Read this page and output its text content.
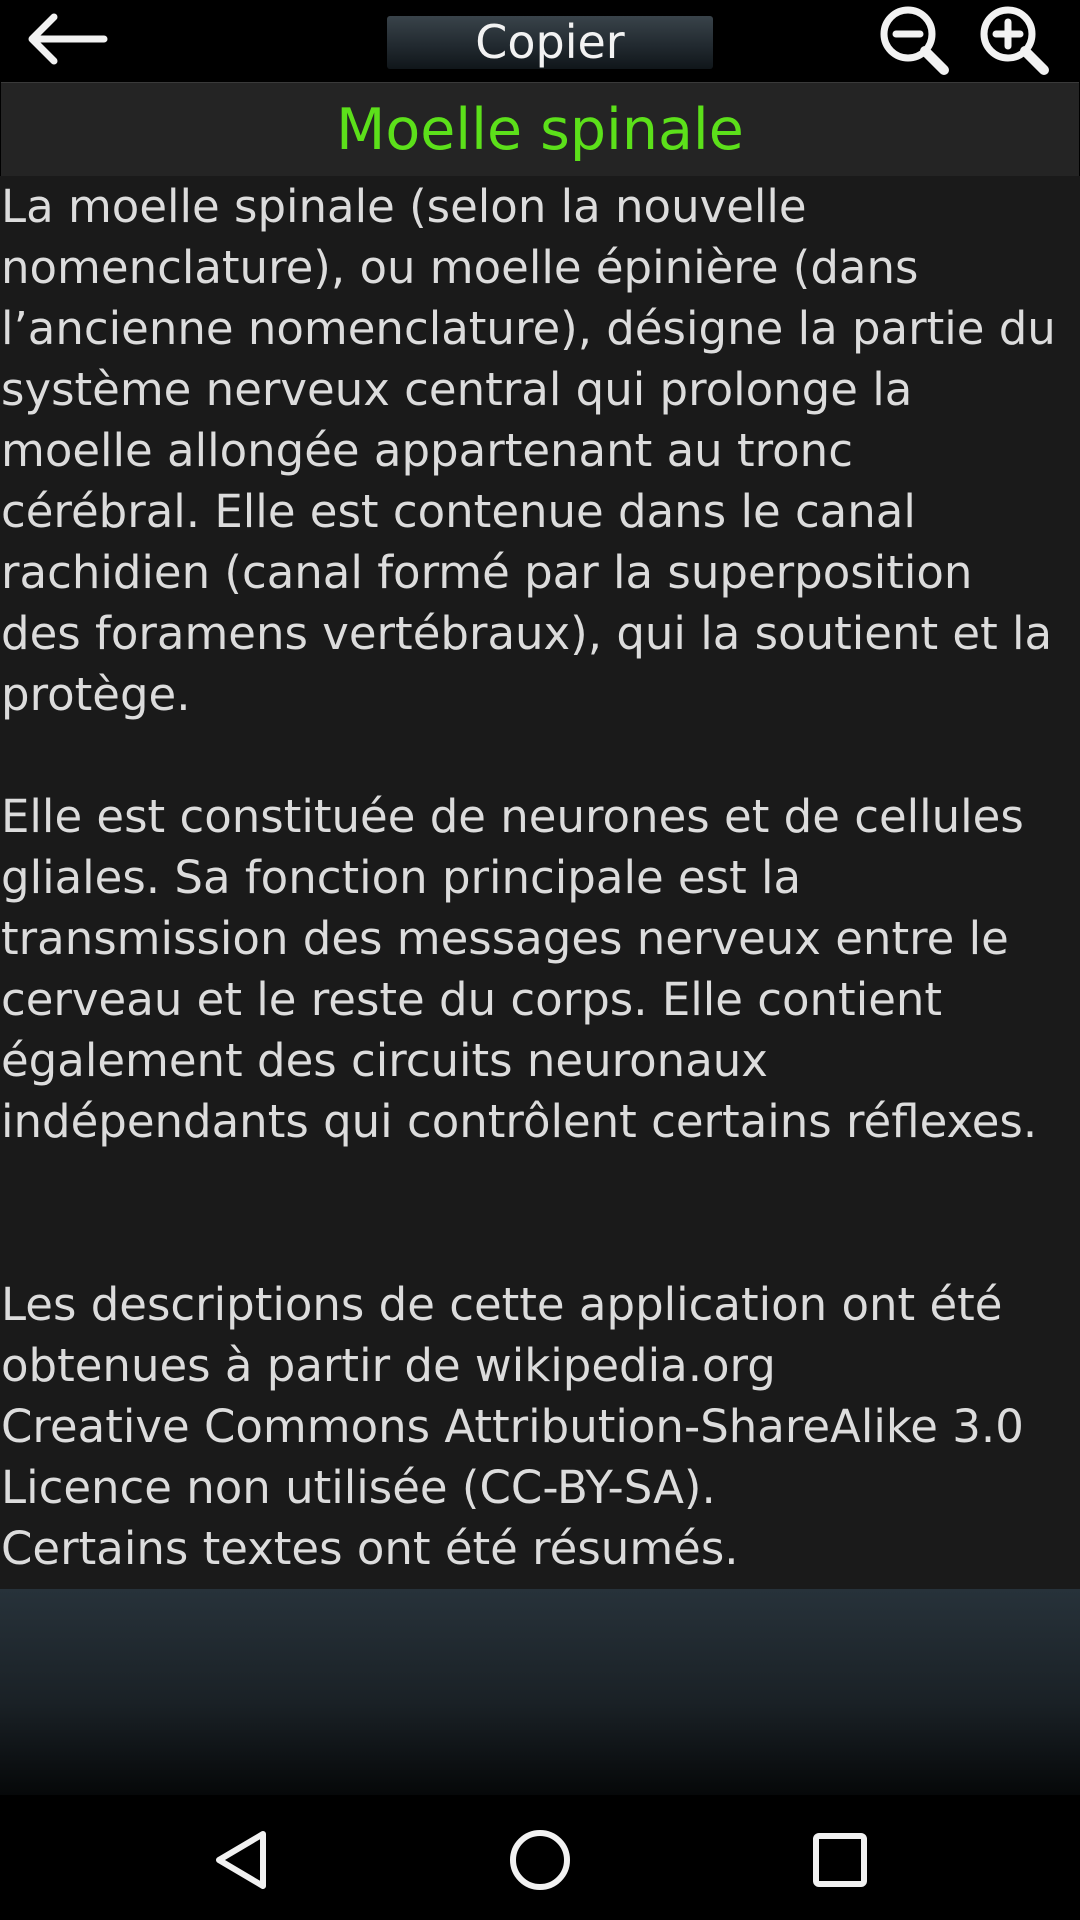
Copier
Moelle spinale

La moelle spinale (selon la nouvelle
nomenclature), ou moelle épinière (dans
l’ancienne nomenclature), désigne la partie du
système nerveux central qui prolonge la
moelle allongée appartenant au tronc
cérébral. Elle est contenue dans le canal
rachidien (canal formé par la superposition
des foramens vertébraux), qui la soutient et la
protège.

Elle est constituée de neurones et de cellules
gliales. Sa fonction principale est la
transmission des messages nerveux entre le
cerveau et le reste du corps. Elle contient
également des circuits neuronaux
indépendants qui contrôlent certains réflexes.

Les descriptions de cette application ont été
obtenues à partir de wikipedia.org
Creative Commons Attribution-ShareAlike 3.0
Licence non utilisée (CC-BY-SA).
Certains textes ont été résumés.
